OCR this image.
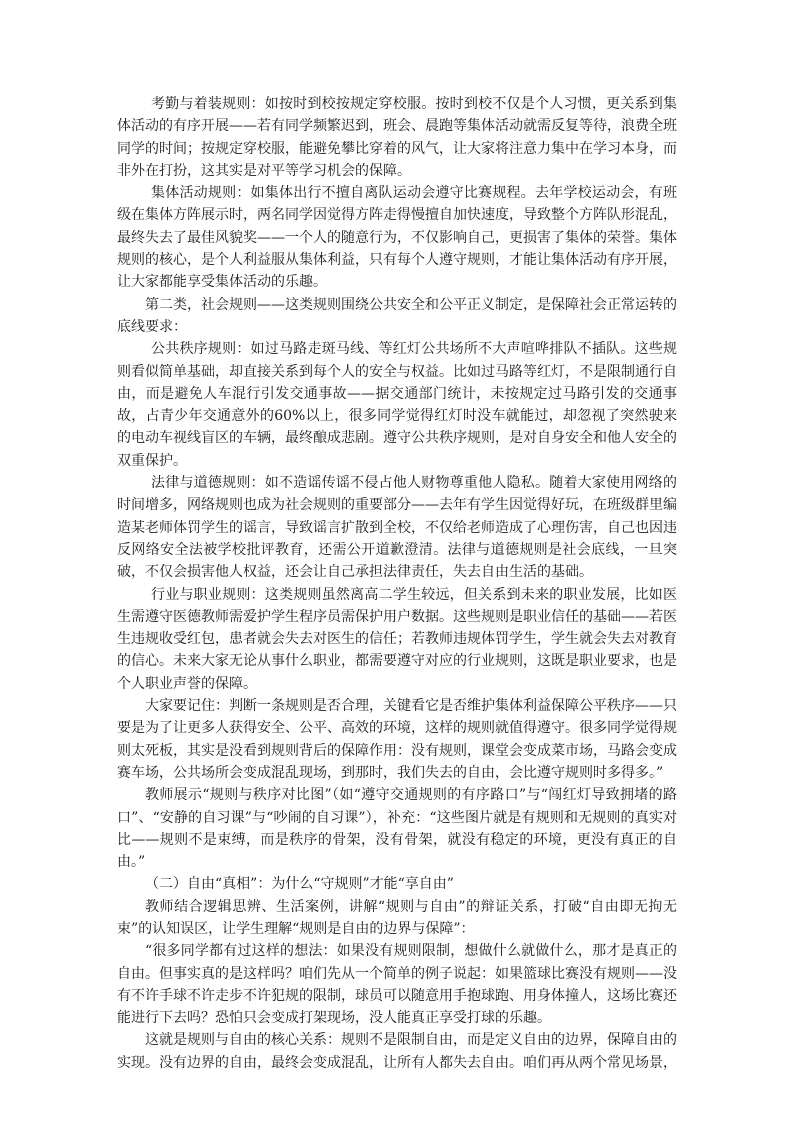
考勤与着装规则：如按时到校按规定穿校服。按时到校不仅是个人习惯，更关系到集体活动的有序开展——若有同学频繁迟到，班会、晨跑等集体活动就需反复等待，浪费全班同学的时间；按规定穿校服，能避免攀比穿着的风气，让大家将注意力集中在学习本身，而非外在打扮，这其实是对平等学习机会的保障。

集体活动规则：如集体出行不擅自离队运动会遵守比赛规程。去年学校运动会，有班级在集体方阵展示时，两名同学因觉得方阵走得慢擅自加快速度，导致整个方阵队形混乱，最终失去了最佳风貌奖——一个人的随意行为，不仅影响自己，更损害了集体的荣誉。集体规则的核心，是个人利益服从集体利益，只有每个人遵守规则，才能让集体活动有序开展，让大家都能享受集体活动的乐趣。

第二类，社会规则——这类规则围绕公共安全和公平正义制定，是保障社会正常运转的底线要求：

公共秩序规则：如过马路走斑马线、等红灯公共场所不大声喧哗排队不插队。这些规则看似简单基础，却直接关系到每个人的安全与权益。比如过马路等红灯，不是限制通行自由，而是避免人车混行引发交通事故——据交通部门统计，未按规定过马路引发的交通事故，占青少年交通意外的60%以上，很多同学觉得红灯时没车就能过，却忽视了突然驶来的电动车视线盲区的车辆，最终酿成悲剧。遵守公共秩序规则，是对自身安全和他人安全的双重保护。

法律与道德规则：如不造谣传谣不侵占他人财物尊重他人隐私。随着大家使用网络的时间增多，网络规则也成为社会规则的重要部分——去年有学生因觉得好玩，在班级群里编造某老师体罚学生的谣言，导致谣言扩散到全校，不仅给老师造成了心理伤害，自己也因违反网络安全法被学校批评教育，还需公开道歉澄清。法律与道德规则是社会底线，一旦突破，不仅会损害他人权益，还会让自己承担法律责任，失去自由生活的基础。

行业与职业规则：这类规则虽然离高二学生较远，但关系到未来的职业发展，比如医生需遵守医德教师需爱护学生程序员需保护用户数据。这些规则是职业信任的基础——若医生违规收受红包，患者就会失去对医生的信任；若教师违规体罚学生，学生就会失去对教育的信心。未来大家无论从事什么职业，都需要遵守对应的行业规则，这既是职业要求，也是个人职业声誉的保障。

大家要记住：判断一条规则是否合理，关键看它是否维护集体利益保障公平秩序——只要是为了让更多人获得安全、公平、高效的环境，这样的规则就值得遵守。很多同学觉得规则太死板，其实是没看到规则背后的保障作用：没有规则，课堂会变成菜市场，马路会变成赛车场，公共场所会变成混乱现场，到那时，我们失去的自由，会比遵守规则时多得多。”

教师展示“规则与秩序对比图”（如“遵守交通规则的有序路口”与“闯红灯导致拥堵的路口”、“安静的自习课”与“吵闹的自习课”），补充：“这些图片就是有规则和无规则的真实对比——规则不是束缚，而是秩序的骨架，没有骨架，就没有稳定的环境，更没有真正的自由。”

（二）自由“真相”：为什么“守规则”才能“享自由”

教师结合逻辑思辨、生活案例，讲解“规则与自由”的辩证关系，打破“自由即无拘无束”的认知误区，让学生理解“规则是自由的边界与保障”：

“很多同学都有过这样的想法：如果没有规则限制，想做什么就做什么，那才是真正的自由。但事实真的是这样吗？咱们先从一个简单的例子说起：如果篮球比赛没有规则——没有不许手球不许走步不许犯规的限制，球员可以随意用手抱球跑、用身体撞人，这场比赛还能进行下去吗？恐怕只会变成打架现场，没人能真正享受打球的乐趣。

这就是规则与自由的核心关系：规则不是限制自由，而是定义自由的边界，保障自由的实现。没有边界的自由，最终会变成混乱，让所有人都失去自由。咱们再从两个常见场景，
